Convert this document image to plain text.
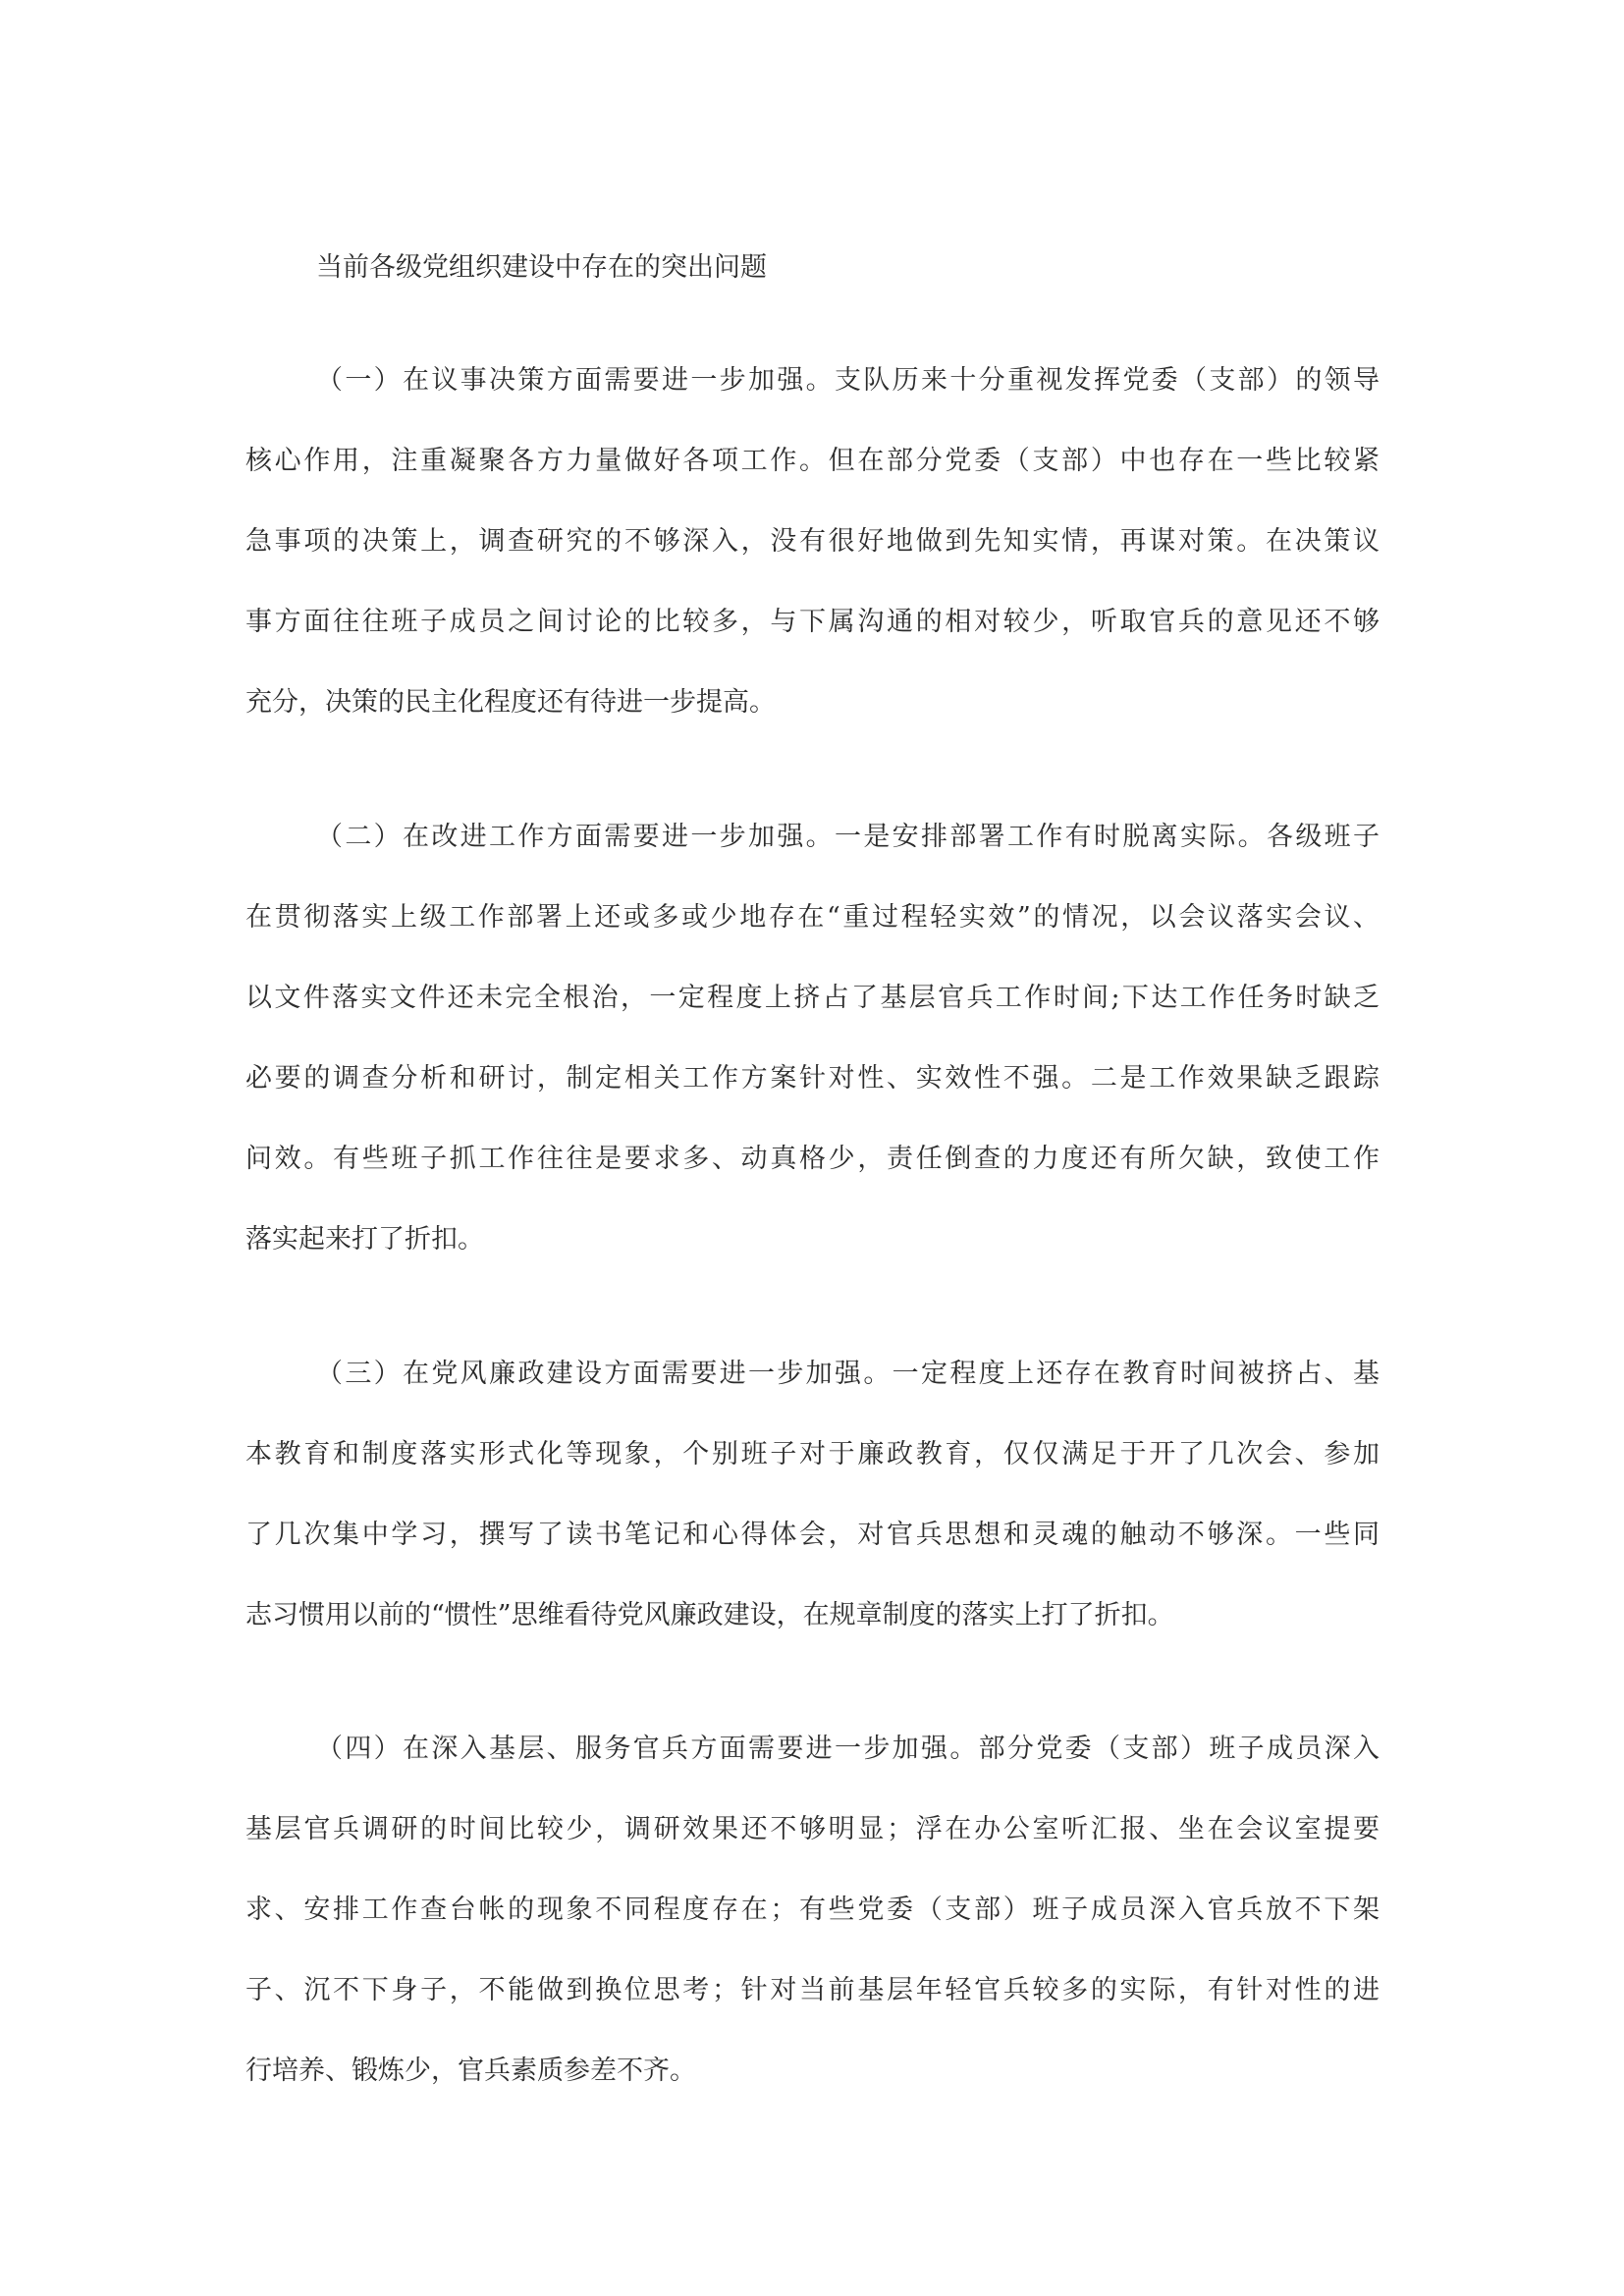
当前各级党组织建设中存在的突出问题
（一）在议事决策方面需要进一步加强。支队历来十分重视发挥党委（支部）的领导
核心作用，注重凝聚各方力量做好各项工作。但在部分党委（支部）中也存在一些比较紧
急事项的决策上，调查研究的不够深入，没有很好地做到先知实情，再谋对策。在决策议
事方面往往班子成员之间讨论的比较多，与下属沟通的相对较少，听取官兵的意见还不够
充分，决策的民主化程度还有待进一步提高。
（二）在改进工作方面需要进一步加强。一是安排部署工作有时脱离实际。各级班子
在贯彻落实上级工作部署上还或多或少地存在“重过程轻实效”的情况，以会议落实会议、
以文件落实文件还未完全根治，一定程度上挤占了基层官兵工作时间;下达工作任务时缺乏
必要的调查分析和研讨，制定相关工作方案针对性、实效性不强。二是工作效果缺乏跟踪
问效。有些班子抓工作往往是要求多、动真格少，责任倒查的力度还有所欠缺，致使工作
落实起来打了折扣。
（三）在党风廉政建设方面需要进一步加强。一定程度上还存在教育时间被挤占、基
本教育和制度落实形式化等现象，个别班子对于廉政教育，仅仅满足于开了几次会、参加
了几次集中学习，撰写了读书笔记和心得体会，对官兵思想和灵魂的触动不够深。一些同
志习惯用以前的“惯性”思维看待党风廉政建设，在规章制度的落实上打了折扣。
（四）在深入基层、服务官兵方面需要进一步加强。部分党委（支部）班子成员深入
基层官兵调研的时间比较少，调研效果还不够明显；浮在办公室听汇报、坐在会议室提要
求、安排工作查台帐的现象不同程度存在；有些党委（支部）班子成员深入官兵放不下架
子、沉不下身子，不能做到换位思考；针对当前基层年轻官兵较多的实际，有针对性的进
行培养、锻炼少，官兵素质参差不齐。
